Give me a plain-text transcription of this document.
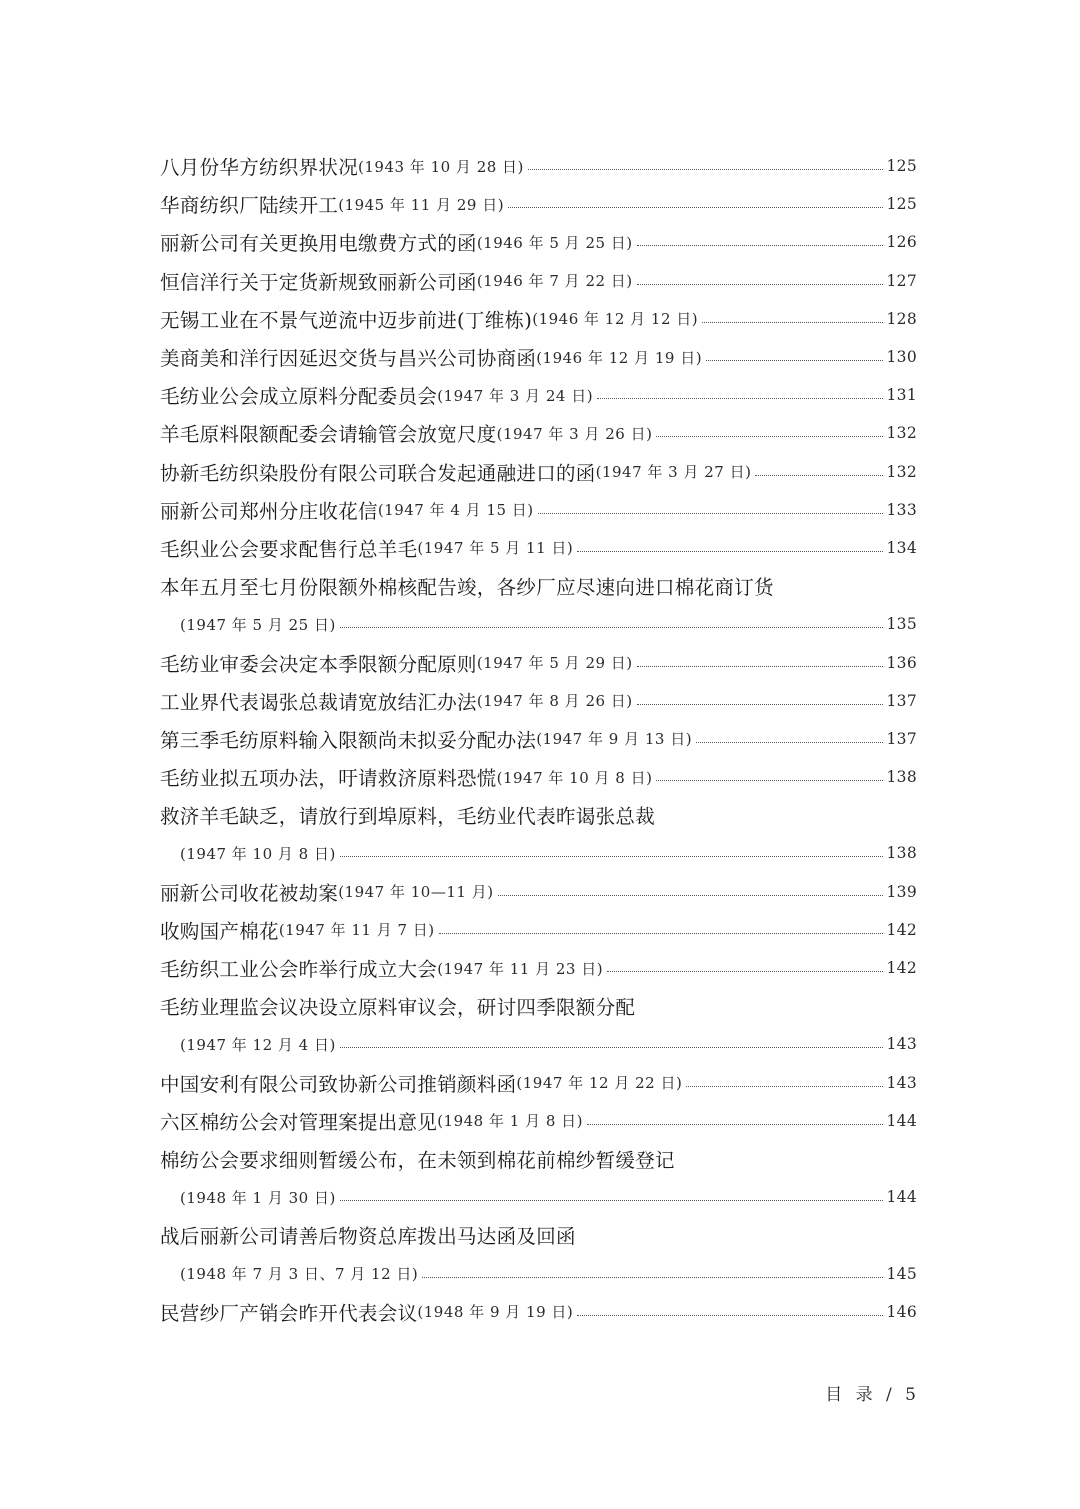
八月份华方纺织界状况 (1943 年 10 月 28 日)	125
华商纺织厂陆续开工 (1945 年 11 月 29 日)	125
丽新公司有关更换用电缴费方式的函 (1946 年 5 月 25 日)	126
恒信洋行关于定货新规致丽新公司函 (1946 年 7 月 22 日)	127
无锡工业在不景气逆流中迈步前进(丁维栋) (1946 年 12 月 12 日)	128
美商美和洋行因延迟交货与昌兴公司协商函 (1946 年 12 月 19 日)	130
毛纺业公会成立原料分配委员会 (1947 年 3 月 24 日)	131
羊毛原料限额配委会请输管会放宽尺度 (1947 年 3 月 26 日)	132
协新毛纺织染股份有限公司联合发起通融进口的函 (1947 年 3 月 27 日)	132
丽新公司郑州分庄收花信 (1947 年 4 月 15 日)	133
毛织业公会要求配售行总羊毛 (1947 年 5 月 11 日)	134
本年五月至七月份限额外棉核配告竣，各纱厂应尽速向进口棉花商订货
(1947 年 5 月 25 日)	135
毛纺业审委会决定本季限额分配原则 (1947 年 5 月 29 日)	136
工业界代表谒张总裁请宽放结汇办法 (1947 年 8 月 26 日)	137
第三季毛纺原料输入限额尚未拟妥分配办法 (1947 年 9 月 13 日)	137
毛纺业拟五项办法，吁请救济原料恐慌 (1947 年 10 月 8 日)	138
救济羊毛缺乏，请放行到埠原料，毛纺业代表昨谒张总裁
(1947 年 10 月 8 日)	138
丽新公司收花被劫案 (1947 年 10—11 月)	139
收购国产棉花 (1947 年 11 月 7 日)	142
毛纺织工业公会昨举行成立大会 (1947 年 11 月 23 日)	142
毛纺业理监会议决设立原料审议会，研讨四季限额分配
(1947 年 12 月 4 日)	143
中国安利有限公司致协新公司推销颜料函 (1947 年 12 月 22 日)	143
六区棉纺公会对管理案提出意见 (1948 年 1 月 8 日)	144
棉纺公会要求细则暂缓公布，在未领到棉花前棉纱暂缓登记
(1948 年 1 月 30 日)	144
战后丽新公司请善后物资总库拨出马达函及回函
(1948 年 7 月 3 日、7 月 12 日)	145
民营纱厂产销会昨开代表会议 (1948 年 9 月 19 日)	146
目 录 / 5
